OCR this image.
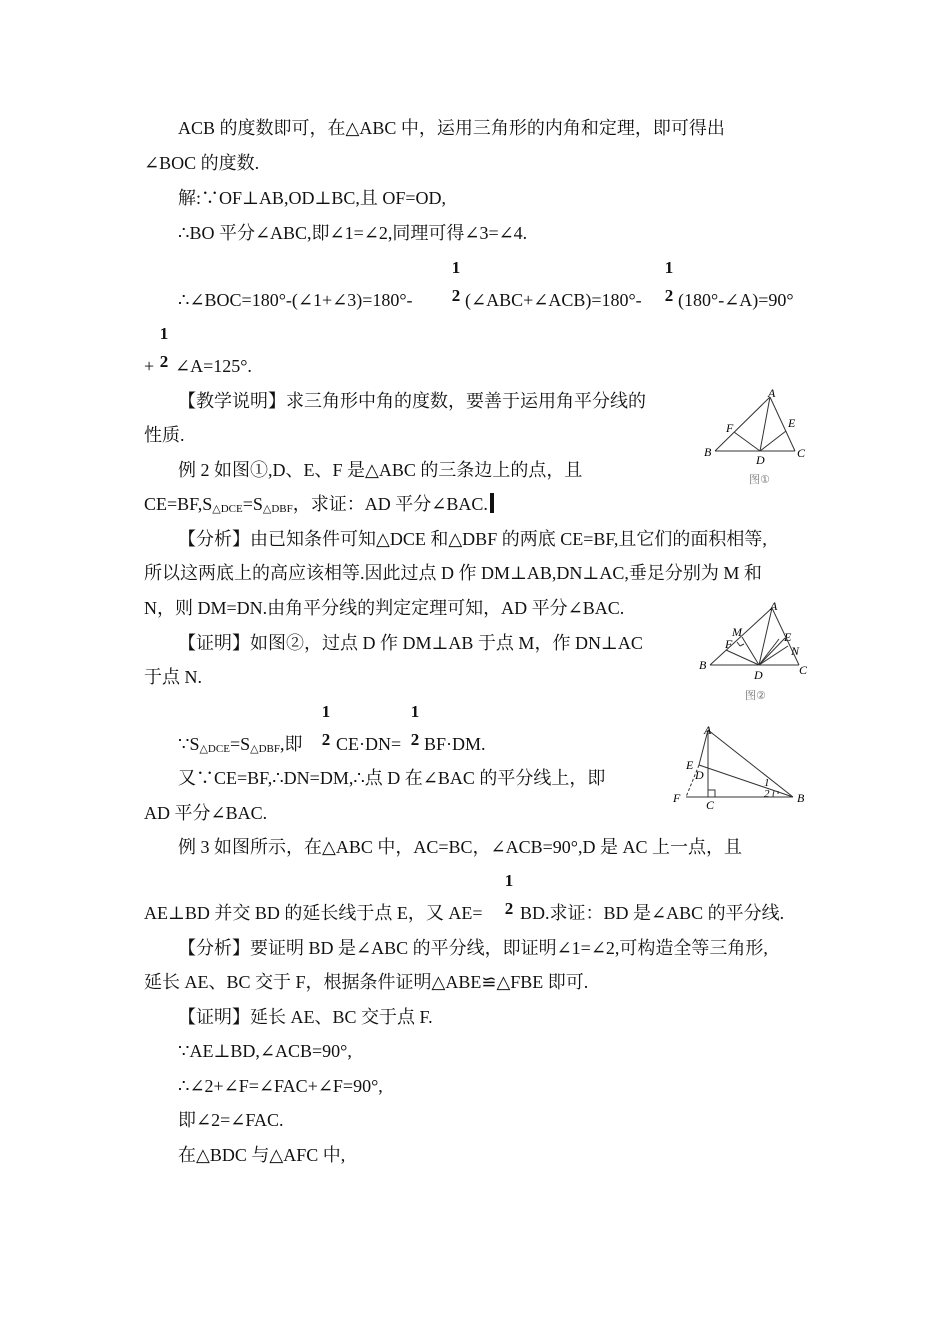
ACB 的度数即可，在△ABC 中，运用三角形的内角和定理，即可得出
∠BOC 的度数.
解:∵OF⊥AB,OD⊥BC,且 OF=OD,
∴BO 平分∠ABC,即∠1=∠2,同理可得∠3=∠4.
∴∠BOC=180°-(∠1+∠3)=180°-
1
2 (∠ABC+∠ACB)=180°-
1
2 (180°-∠A)=90°
+
1
2 ∠A=125°.
【教学说明】求三角形中角的度数，要善于运用角平分线的
性质.
例 2 如图①,D、E、F 是△ABC 的三条边上的点，且
$CE=BF,S_{\triangle DCE}=S_{\triangle DBF}$，求证：AD 平分∠BAC.
【分析】由已知条件可知△DCE 和△DBF 的两底 CE=BF,且它们的面积相等,
所以这两底上的高应该相等.因此过点 D 作 DM⊥AB,DN⊥AC,垂足分别为 M 和
N，则 DM=DN.由角平分线的判定定理可知，AD 平分∠BAC.
【证明】如图②，过点 D 作 DM⊥AB 于点 M，作 DN⊥AC
于点 N.
$\because S_{\triangle DCE}=S_{\triangle DBF}$,即
1
2 CE·DN=
1
2 BF·DM.
又∵CE=BF,∴DN=DM,∴点 D 在∠BAC 的平分线上，即
AD 平分∠BAC.
例 3 如图所示，在△ABC 中，AC=BC，∠ACB=90°,D 是 AC 上一点，且
AE⊥BD 并交 BD 的延长线于点 E，又 AE=
1
2 BD.求证：BD 是∠ABC 的平分线.
【分析】要证明 BD 是∠ABC 的平分线，即证明∠1=∠2,可构造全等三角形,
延长 AE、BC 交于 F，根据条件证明△ABE≌△FBE 即可.
【证明】延长 AE、BC 交于点 F.
∵AE⊥BD,∠ACB=90°,
∴∠2+∠F=∠FAC+∠F=90°,
即∠2=∠FAC.
在△BDC 与△AFC 中,
A
B	C
D
E
F
图①
A
B	C
D
E
F
M
N
图②
A
B
C
D
E
F
1
2
